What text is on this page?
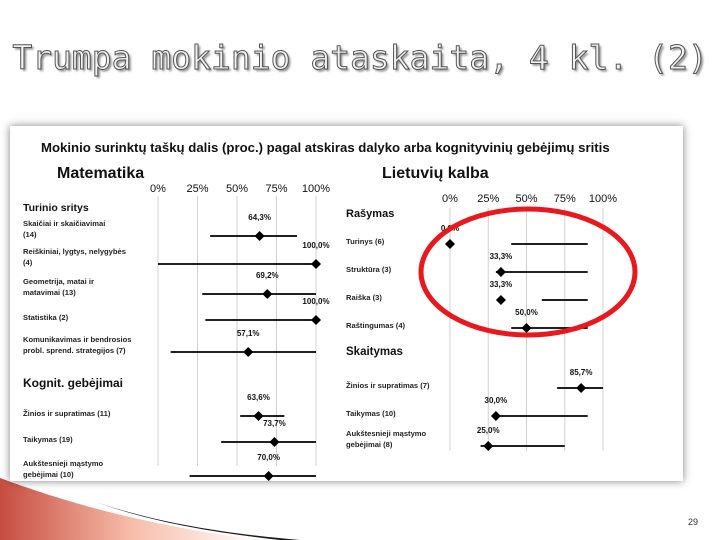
Trumpa mokinio ataskaita, 4 kl. (2)
Mokinio surinktų taškų dalis (proc.) pagal atskiras dalyko arba kognityvinių gebėjimų sritis
Matematika
0% 25% 50% 75% 100%
Turinio sritys
Kognit. gebėjimai
Skaičiai ir skaičiavimai
(14)
64,3%
Reiškiniai, lygtys, nelygybės
(4)
100,0%
Geometrija, matai ir
matavimai (13)
69,2%
Statistika (2)
100,0%
Komunikavimas ir bendrosios
probl. sprend. strategijos (7)
57,1%
Žinios ir supratimas (11)
63,6%
Taikymas (19)
73,7%
Aukštesnieji mąstymo
gebėjimai (10)
70,0%
Lietuvių kalba
0% 25% 50% 75% 100%
Rašymas
Skaitymas
Turinys (6)
0,0%
Struktūra (3)
33,3%
Raiška (3)
33,3%
Raštingumas (4)
50,0%
Žinios ir supratimas (7)
85,7%
Taikymas (10)
30,0%
Aukštesnieji mąstymo
gebėjimai (8)
25,0%
29
